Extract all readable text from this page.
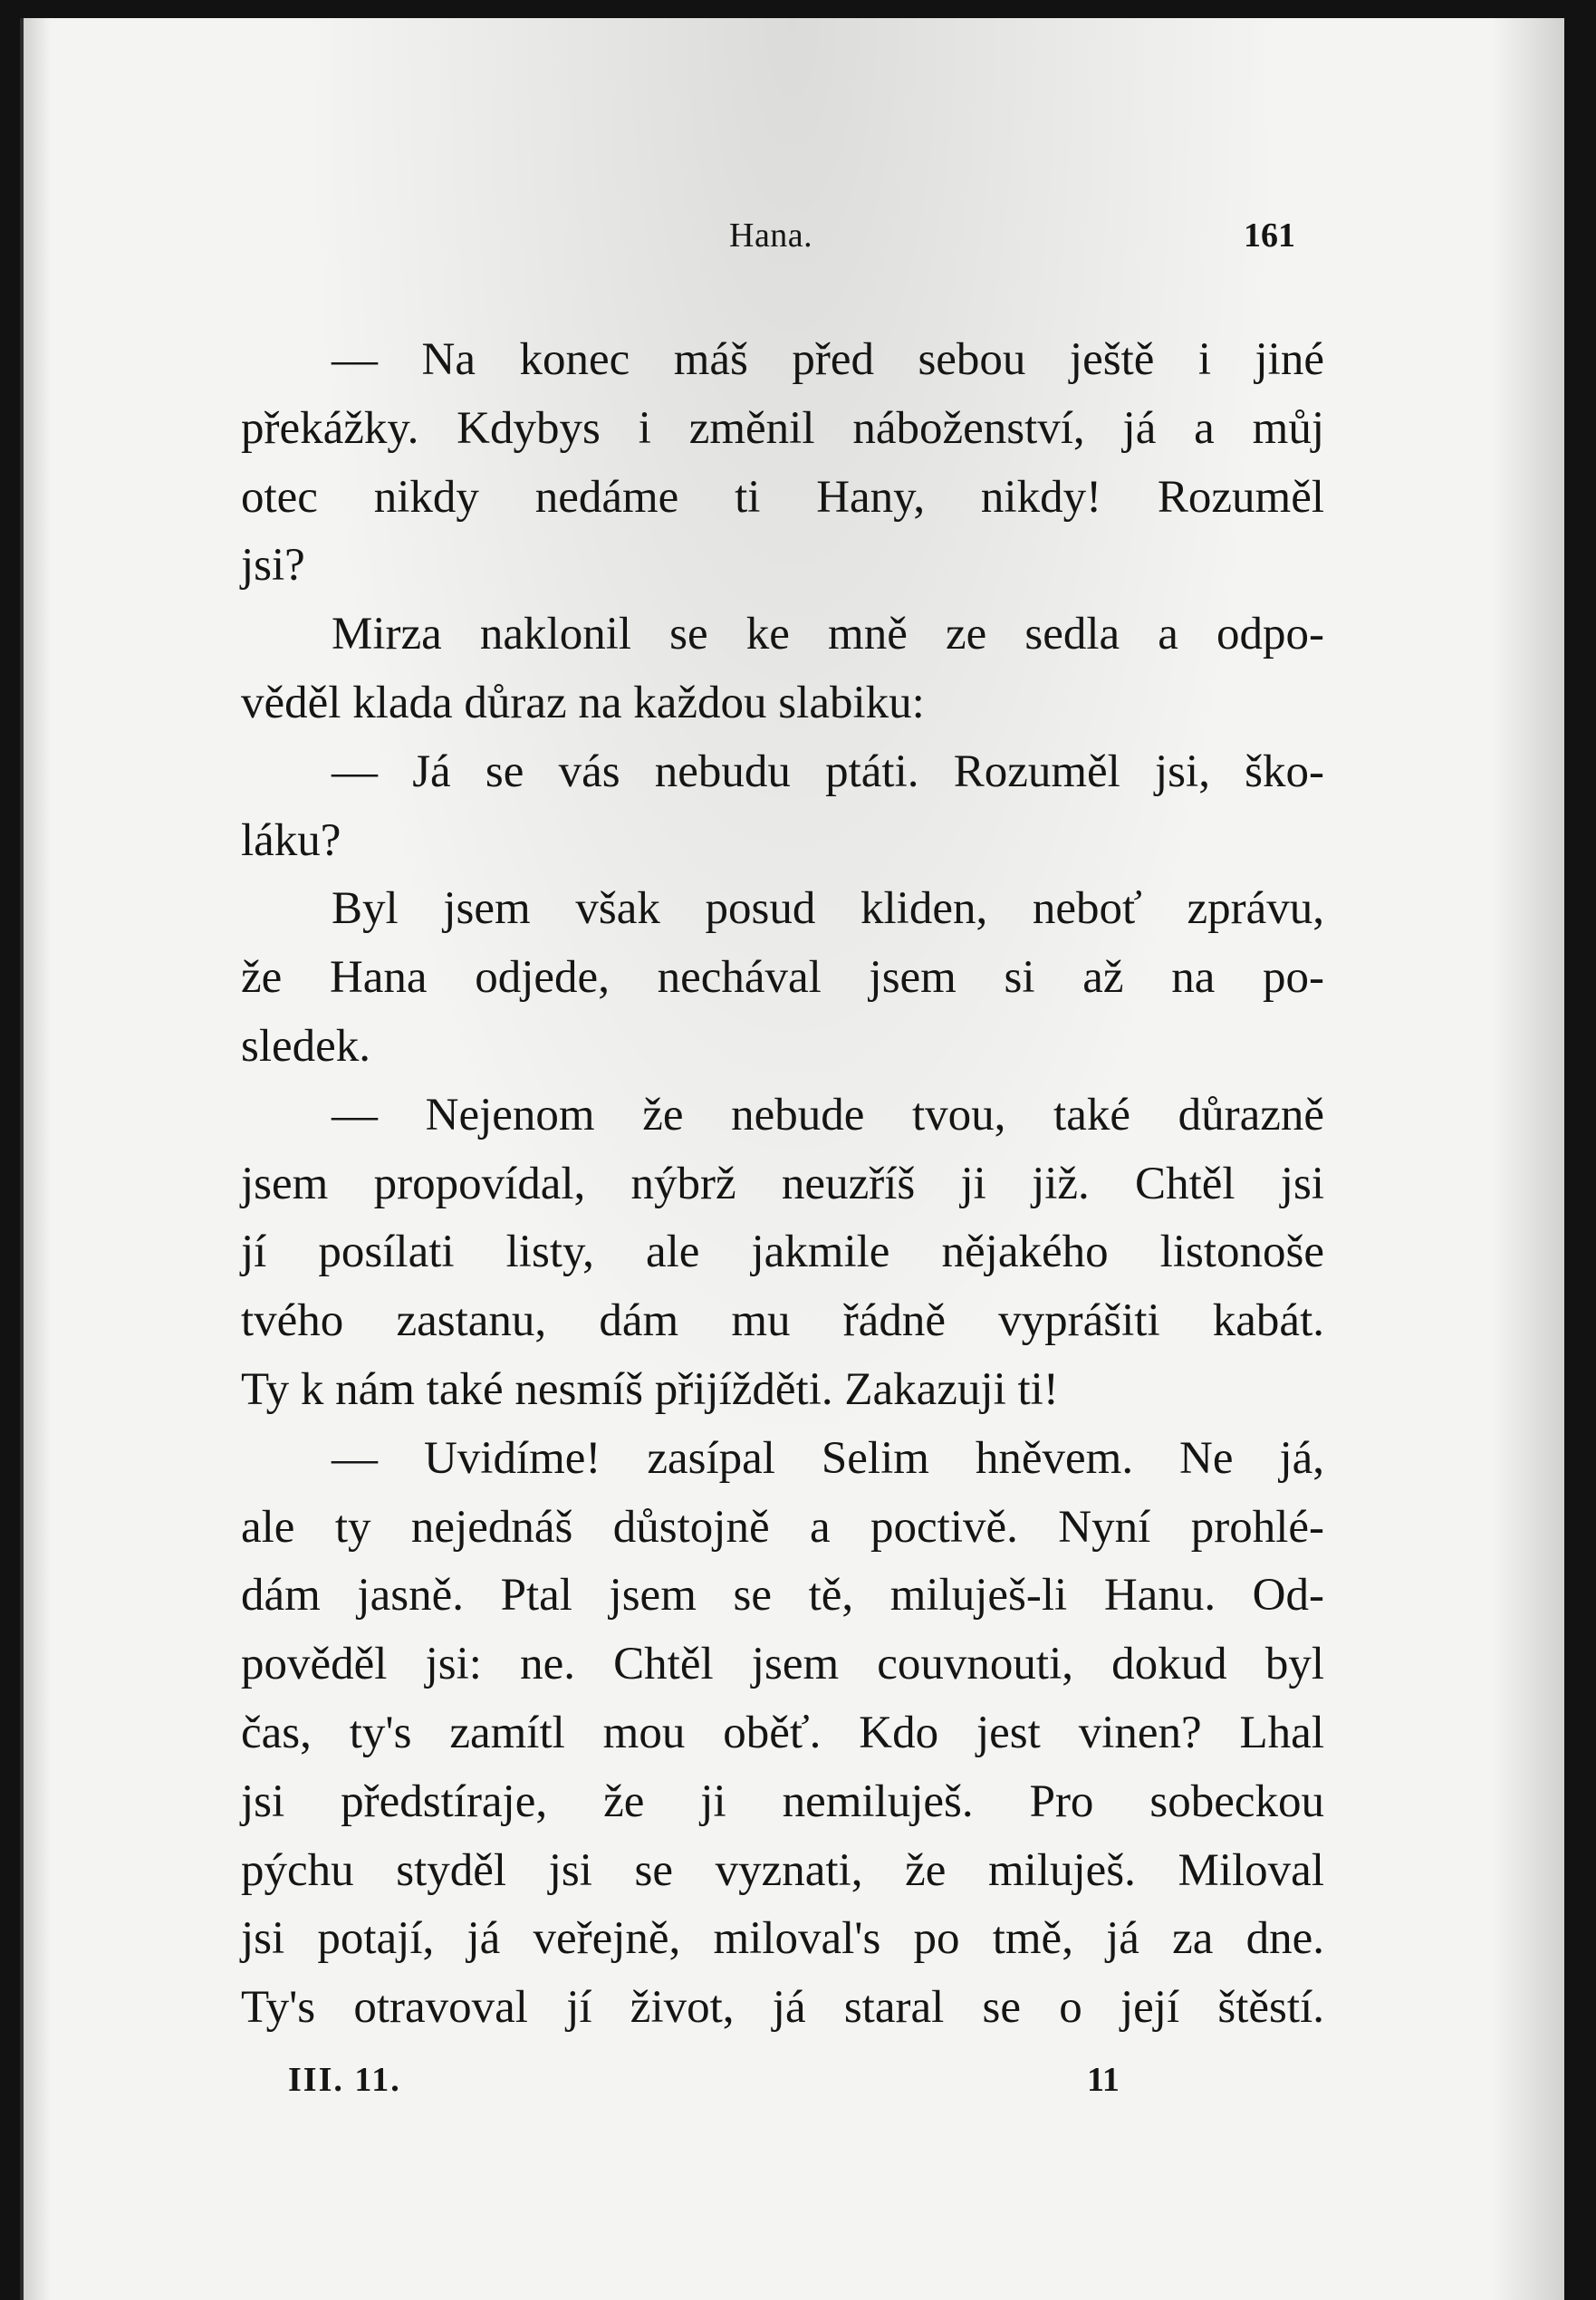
Hana.	161
— Na konec máš před sebou ještě i jiné
překážky. Kdybys i změnil náboženství, já a můj
otec nikdy nedáme ti Hany, nikdy! Rozuměl
jsi?
Mirza naklonil se ke mně ze sedla a odpo-
věděl klada důraz na každou slabiku:
— Já se vás nebudu ptáti. Rozuměl jsi, ško-
láku?
Byl jsem však posud kliden, neboť zprávu,
že Hana odjede, nechával jsem si až na po-
sledek.
— Nejenom že nebude tvou, také důrazně
jsem propovídal, nýbrž neuzříš ji již. Chtěl jsi
jí posílati listy, ale jakmile nějakého listonoše
tvého zastanu, dám mu řádně vyprášiti kabát.
Ty k nám také nesmíš přijížděti. Zakazuji ti!
— Uvidíme! zasípal Selim hněvem. Ne já,
ale ty nejednáš důstojně a poctivě. Nyní prohlé-
dám jasně. Ptal jsem se tě, miluješ-li Hanu. Od-
pověděl jsi: ne. Chtěl jsem couvnouti, dokud byl
čas, ty's zamítl mou oběť. Kdo jest vinen? Lhal
jsi předstíraje, že ji nemiluješ. Pro sobeckou
pýchu styděl jsi se vyznati, že miluješ. Miloval
jsi potají, já veřejně, miloval's po tmě, já za dne.
Ty's otravoval jí život, já staral se o její štěstí.
III. 11.	11
